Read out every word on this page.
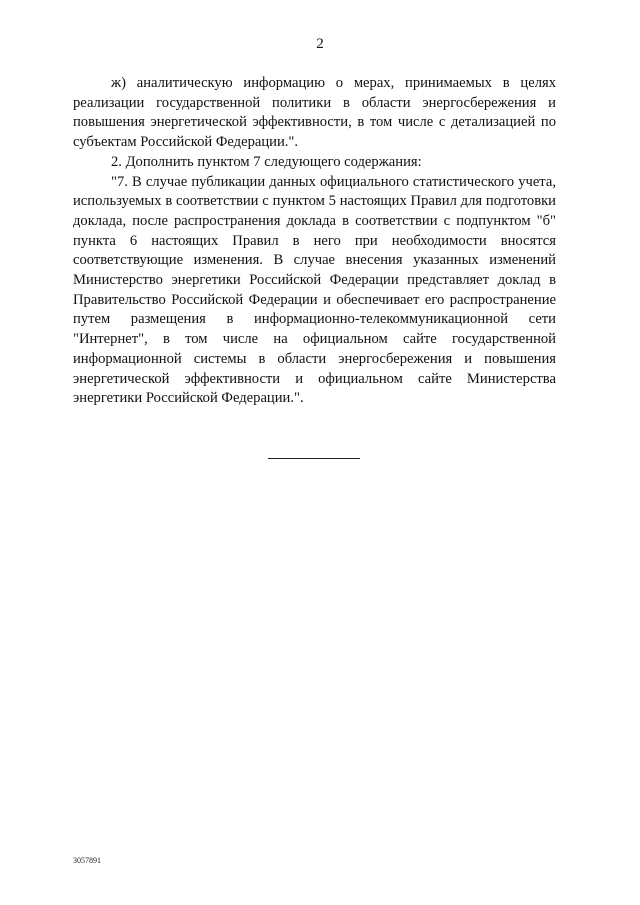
2

ж) аналитическую информацию о мерах, принимаемых в целях реализации государственной политики в области энергосбережения и повышения энергетической эффективности, в том числе с детализацией по субъектам Российской Федерации.".

2. Дополнить пунктом 7 следующего содержания:

"7. В случае публикации данных официального статистического учета, используемых в соответствии с пунктом 5 настоящих Правил для подготовки доклада, после распространения доклада в соответствии с подпунктом "б" пункта 6 настоящих Правил в него при необходимости вносятся соответствующие изменения. В случае внесения указанных изменений Министерство энергетики Российской Федерации представляет доклад в Правительство Российской Федерации и обеспечивает его распространение путем размещения в информационно-телекоммуникационной сети "Интернет", в том числе на официальном сайте государственной информационной системы в области энергосбережения и повышения энергетической эффективности и официальном сайте Министерства энергетики Российской Федерации.".

3057891
